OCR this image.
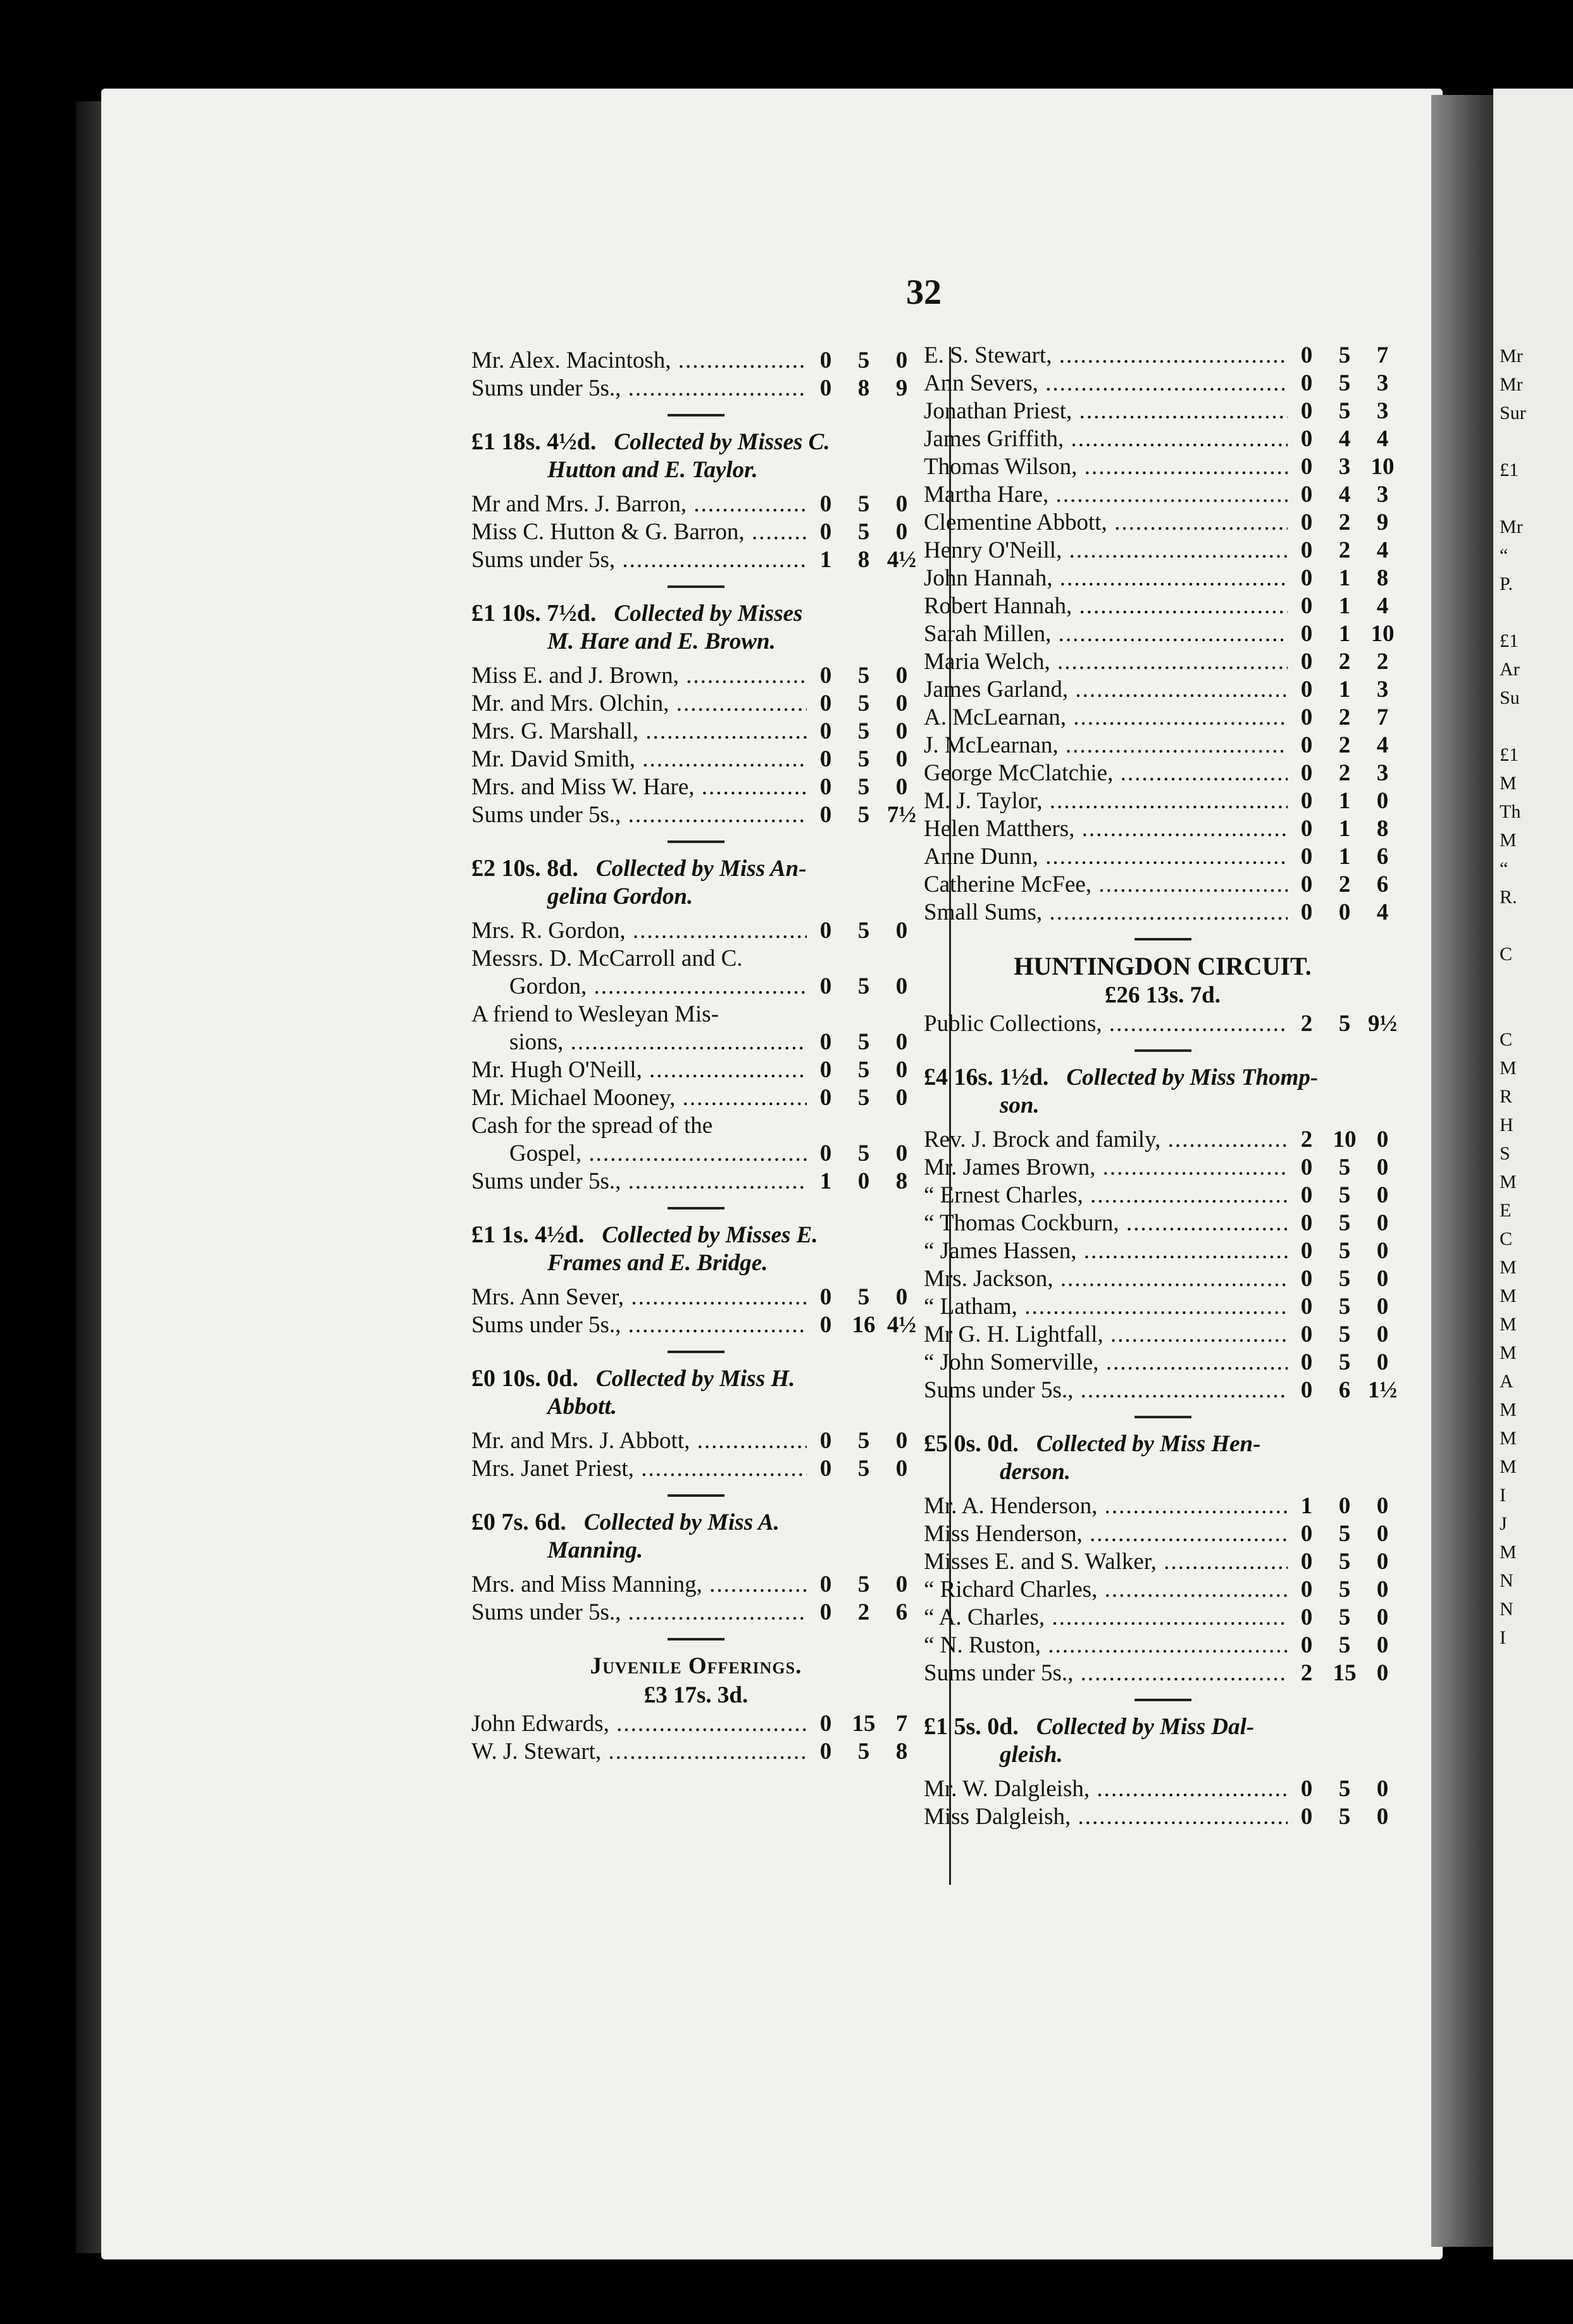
Mr
Mr
Sur
£1
Mr
“
P.
£1
Ar
Su
£1
M
Th
M
“
R.
C
C
M
R
H
S
M
E
C
M
M
M
M
A
M
M
M
I
J
M
N
N
I
32
Mr. Alex. Macintosh, .....	0	5	0
Sums under 5s., .....	0	8	9
£1 18s. 4½d. Collected by Misses C.
Hutton and E. Taylor.
Mr and Mrs. J. Barron, .....	0	5	0
Miss C. Hutton & G. Barron, .....	0	5	0
Sums under 5s, .....	1	8 4½
£1 10s. 7½d. Collected by Misses
M. Hare and E. Brown.
Miss E. and J. Brown, .....	0	5	0
Mr. and Mrs. Olchin, .....	0	5	0
Mrs. G. Marshall, .....	0	5	0
Mr. David Smith, .....	0	5	0
Mrs. and Miss W. Hare, .....	0	5	0
Sums under 5s., .....	0	5 7½
£2 10s. 8d. Collected by Miss An-
gelina Gordon.
Mrs. R. Gordon, .....	0	5	0
Messrs. D. McCarroll and C.
Gordon, .....	0	5	0
A friend to Wesleyan Mis-
sions, .....	0	5	0
Mr. Hugh O'Neill, .....	0	5	0
Mr. Michael Mooney, .....	0	5	0
Cash for the spread of the
Gospel, .....	0	5	0
Sums under 5s., .....	1	0	8
£1 1s. 4½d. Collected by Misses E.
Frames and E. Bridge.
Mrs. Ann Sever, .....	0	5	0
Sums under 5s., .....	0 16 4½
£0 10s. 0d. Collected by Miss H.
Abbott.
Mr. and Mrs. J. Abbott, .....	0	5	0
Mrs. Janet Priest, .....	0	5	0
£0 7s. 6d. Collected by Miss A.
Manning.
Mrs. and Miss Manning, .....	0	5	0
Sums under 5s., .....	0	2	6
Juvenile Offerings.
£3 17s. 3d.
John Edwards, .....	0 15 7
W. J. Stewart, .....	0	5	8
E. S. Stewart, .....	0	5	7
Ann Severs, .....	0	5	3
Jonathan Priest, .....	0	5	3
James Griffith, .....	0	4	4
Thomas Wilson, .....	0	3 10
Martha Hare, .....	0	4	3
Clementine Abbott, .....	0	2	9
Henry O'Neill, .....	0	2	4
John Hannah, .....	0	1	8
Robert Hannah, .....	0	1	4
Sarah Millen, .....	0	1 10
Maria Welch, .....	0	2	2
James Garland, .....	0	1	3
A. McLearnan, .....	0	2	7
J. McLearnan, .....	0	2	4
George McClatchie, .....	0	2	3
M. J. Taylor, .....	0	1	0
Helen Matthers, .....	0	1	8
Anne Dunn, .....	0	1	6
Catherine McFee, .....	0	2	6
Small Sums, .....	0	0	4
HUNTINGDON CIRCUIT.
£26 13s. 7d.
Public Collections, .....	2	5 9½
£4 16s. 1½d. Collected by Miss Thomp-
son.
Rev. J. Brock and family, .....	2 10 0
Mr. James Brown, .....	0	5	0
“ Ernest Charles, .....	0	5	0
“ Thomas Cockburn, .....	0	5	0
“ James Hassen, .....	0	5	0
Mrs. Jackson, .....	0	5	0
“ Latham, .....	0	5	0
Mr G. H. Lightfall, .....	0	5	0
“ John Somerville, .....	0	5	0
Sums under 5s., .....	0	6 1½
£5 0s. 0d. Collected by Miss Hen-
derson.
Mr. A. Henderson, .....	1	0	0
Miss Henderson, .....	0	5	0
Misses E. and S. Walker, .....	0	5	0
“ Richard Charles, .....	0	5	0
“ A. Charles, .....	0	5	0
“ N. Ruston, .....	0	5	0
Sums under 5s., .....	2 15 0
£1 5s. 0d. Collected by Miss Dal-
gleish.
Mr. W. Dalgleish, .....	0	5	0
Miss Dalgleish, .....	0	5	0
